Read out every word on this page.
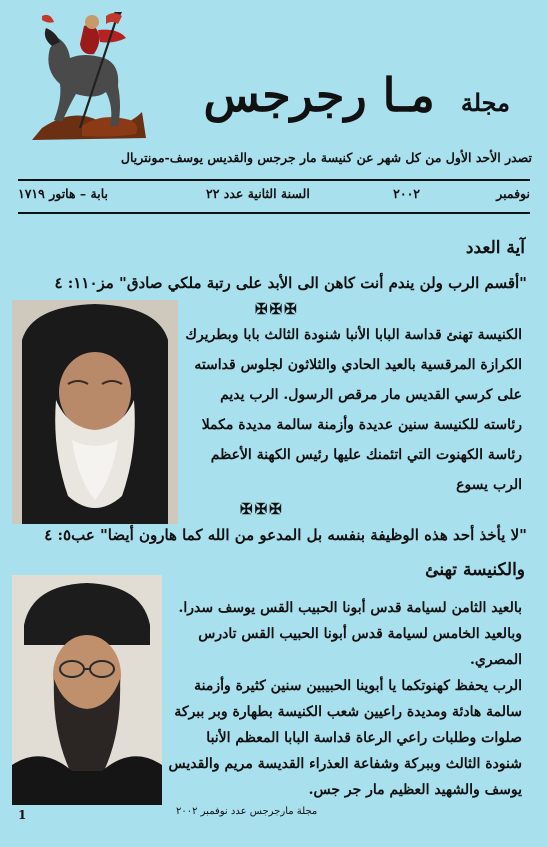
مجلة مـا رجرجس
تصدر الأحد الأول من كل شهر عن كنيسة مار جرجس والقديس يوسف-مونتريال
نوفمبر
٢٠٠٢
السنة الثانية عدد ٢٢
بابة – هاتور ١٧١٩
آية العدد
"أقسم الرب ولن يندم أنت كاهن الى الأبد على رتبة ملكي صادق" مز١١٠: ٤
✠✠✠
الكنيسة تهنئ قداسة البابا الأنبا شنودة الثالث بابا وبطريرك الكرازة المرقسية بالعيد الحادي والثلاثون لجلوس قداسته على كرسي القديس مار مرقص الرسول. الرب يديم رئاسته للكنيسة سنين عديدة وأزمنة سالمة مديدة مكملا رئاسة الكهنوت التي اتئمنك عليها رئيس الكهنة الأعظم الرب يسوع
✠✠✠
"لا يأخذ أحد هذه الوظيفة بنفسه بل المدعو من الله كما هارون أيضا" عب٥: ٤
والكنيسة تهنئ
بالعيد الثامن لسيامة قدس أبونا الحبيب القس يوسف سدرا.
وبالعيد الخامس لسيامة قدس أبونا الحبيب القس تادرس المصري.
الرب يحفظ كهنوتكما يا أبوينا الحبيبين سنين كثيرة وأزمنة سالمة هادئة ومديدة راعيين شعب الكنيسة بطهارة وبر ببركة صلوات وطلبات راعي الرعاة قداسة البابا المعظم الأنبا شنودة الثالث وببركة وشفاعة العذراء القديسة مريم والقديس يوسف والشهيد العظيم مار جر جس.
مجلة مارجرجس عدد نوفمبر ٢٠٠٢
1
